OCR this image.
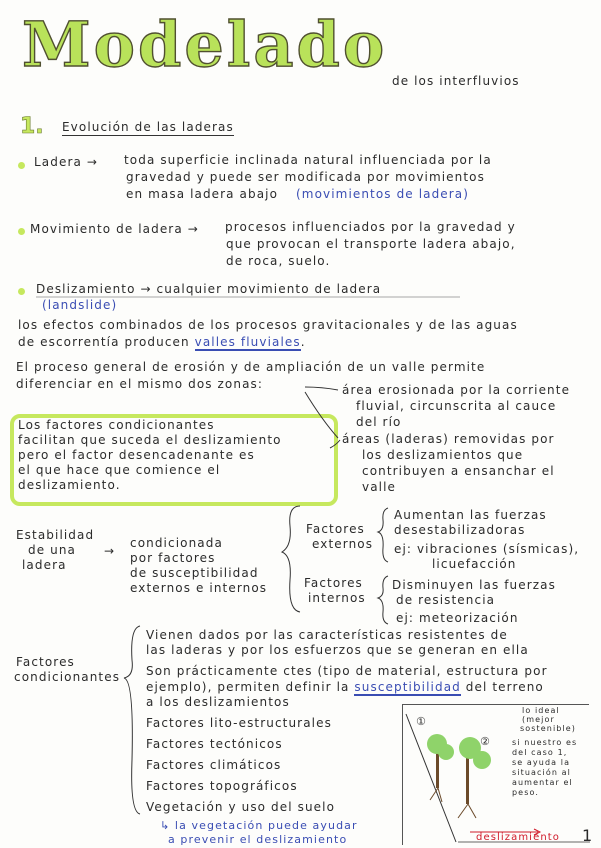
Modelado de los interfluvios
1. Evolución de las laderas
Ladera → toda superficie inclinada natural influenciada por la
gravedad y puede ser modificada por movimientos
en masa ladera abajo (movimientos de ladera)
Movimiento de ladera → procesos influenciados por la gravedad y
que provocan el transporte ladera abajo,
de roca, suelo.
Deslizamiento → cualquier movimiento de ladera
(landslide)
los efectos combinados de los procesos gravitacionales y de las aguas
de escorrentía producen valles fluviales.
El proceso general de erosión y de ampliación de un valle permite
diferenciar en el mismo dos zonas:	área erosionada por la corriente
fluvial, circunscrita al cauce
del río
áreas (laderas) removidas por
los deslizamientos que
contribuyen a ensanchar el
valle
Los factores condicionantes
facilitan que suceda el deslizamiento
pero el factor desencadenante es
el que hace que comience el
deslizamiento.
Estabilidad
de una
ladera
→
condicionada
por factores
de susceptibilidad
externos e internos
Factores
externos
Aumentan las fuerzas
desestabilizadoras
ej: vibraciones (sísmicas),
licuefacción
Factores
internos
Disminuyen las fuerzas
de resistencia
ej: meteorización
Factores
condicionantes
Vienen dados por las características resistentes de
las laderas y por los esfuerzos que se generan en ella
Son prácticamente ctes (tipo de material, estructura por
ejemplo), permiten definir la susceptibilidad del terreno
a los deslizamientos
Factores lito-estructurales
Factores tectónicos
Factores climáticos
Factores topográficos
Vegetación y uso del suelo
↳ la vegetación puede ayudar
a prevenir el deslizamiento
①
②
lo ideal
(mejor
sostenible)
si nuestro es
del caso 1,
se ayuda la
situación al
aumentar el
peso.
deslizamiento 1
